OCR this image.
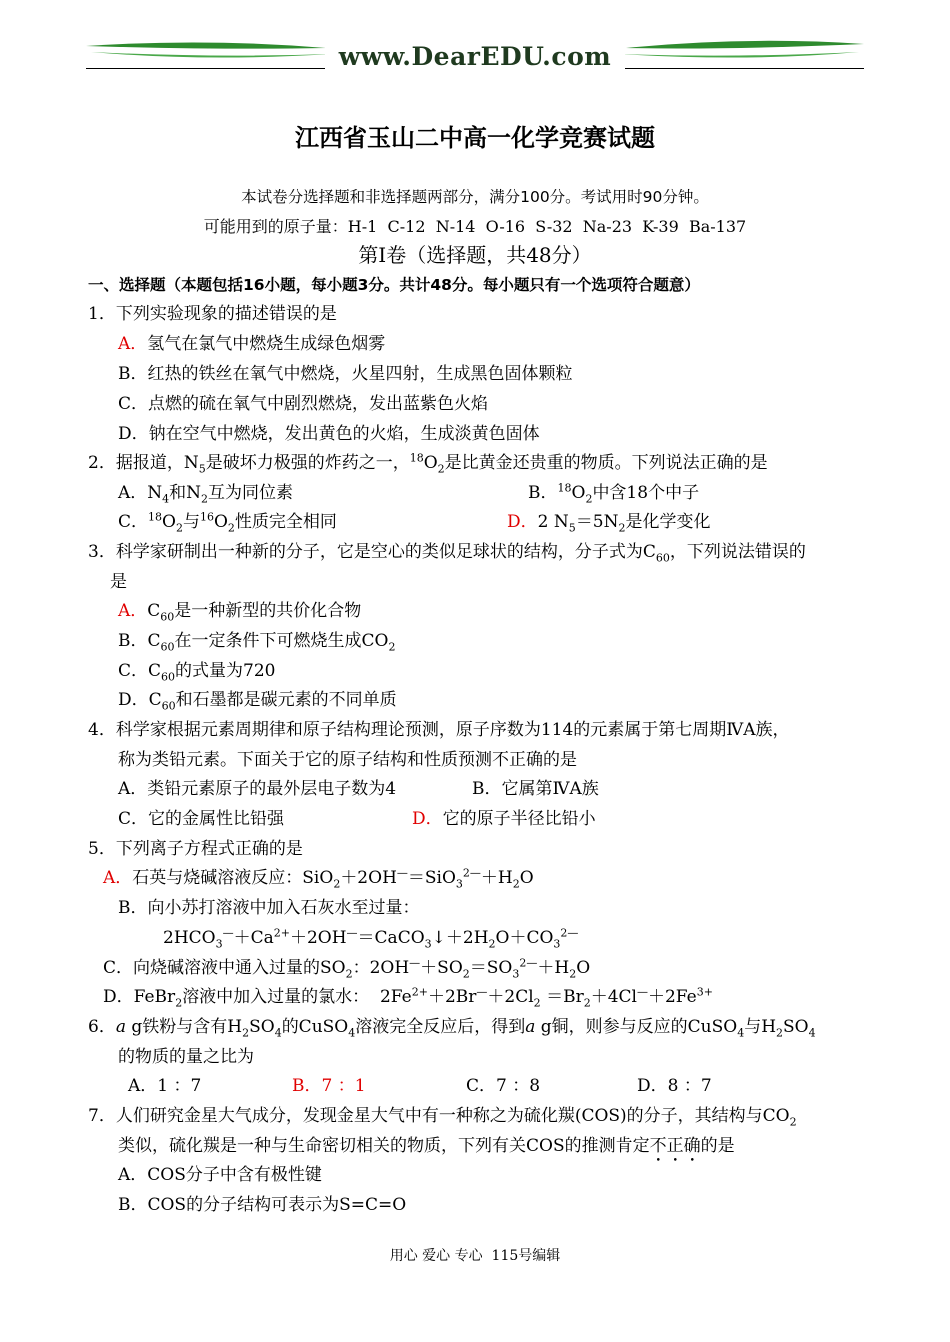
www.DearEDU.com
江西省玉山二中高一化学竞赛试题
本试卷分选择题和非选择题两部分，满分100分。考试用时90分钟。
可能用到的原子量：H-1  C-12  N-14  O-16  S-32  Na-23  K-39  Ba-137
第Ⅰ卷（选择题，共48分）
一、选择题（本题包括16小题，每小题3分。共计48分。每小题只有一个选项符合题意）
1．下列实验现象的描述错误的是
A．氢气在氯气中燃烧生成绿色烟雾
B．红热的铁丝在氧气中燃烧，火星四射，生成黑色固体颗粒
C．点燃的硫在氧气中剧烈燃烧，发出蓝紫色火焰
D．钠在空气中燃烧，发出黄色的火焰，生成淡黄色固体
2．据报道，$N_5$是破坏力极强的炸药之一，$^{18}O_2$是比黄金还贵重的物质。下列说法正确的是
A．$N_4$和$N_2$互为同位素	B．$^{18}O_2$中含18个中子
C．$^{18}O_2$与$^{16}O_2$性质完全相同	D．2 $N_5=5N_2$是化学变化
3．科学家研制出一种新的分子，它是空心的类似足球状的结构，分子式为$C_{60}$，下列说法错误的
是
A．$C_{60}$是一种新型的共价化合物
B．$C_{60}$在一定条件下可燃烧生成$CO_2$
C．$C_{60}$的式量为720
D．$C_{60}$和石墨都是碳元素的不同单质
4．科学家根据元素周期律和原子结构理论预测，原子序数为114的元素属于第七周期ⅣA族，
称为类铅元素。下面关于它的原子结构和性质预测不正确的是
A．类铅元素原子的最外层电子数为4	B．它属第ⅣA族
C．它的金属性比铅强	D．它的原子半径比铅小
5．下列离子方程式正确的是
A．石英与烧碱溶液反应：$SiO_2+2OH^—=SiO_3^{2—}+H_2O$
B．向小苏打溶液中加入石灰水至过量：
$2HCO_3^—+Ca^{2+}+2OH^—=CaCO_3↓+2H_2O+CO_3^{2—}$
C．向烧碱溶液中通入过量的$SO_2$：$2OH^—+SO_2=SO_3^{2—}+H_2O$
D．FeBr$_2$溶液中加入过量的氯水：  $2Fe^{2+}+2Br^—+2Cl_2 =Br_2+4Cl^—+2Fe^{3+}$
6．a g铁粉与含有$H_2SO_4$的CuSO$_4$溶液完全反应后，得到a g铜，则参与反应的CuSO$_4$与$H_2SO_4$
的物质的量之比为
A．1 ：7	B．7 ：1	C．7 ：8	D．8 ：7
7．人们研究金星大气成分，发现金星大气中有一种称之为硫化羰(COS)的分子，其结构与$CO_2$
类似，硫化羰是一种与生命密切相关的物质，下列有关COS的推测肯定不正确的是
A．COS分子中含有极性键
B．COS的分子结构可表示为S=C=O
用心 爱心 专心  115号编辑
